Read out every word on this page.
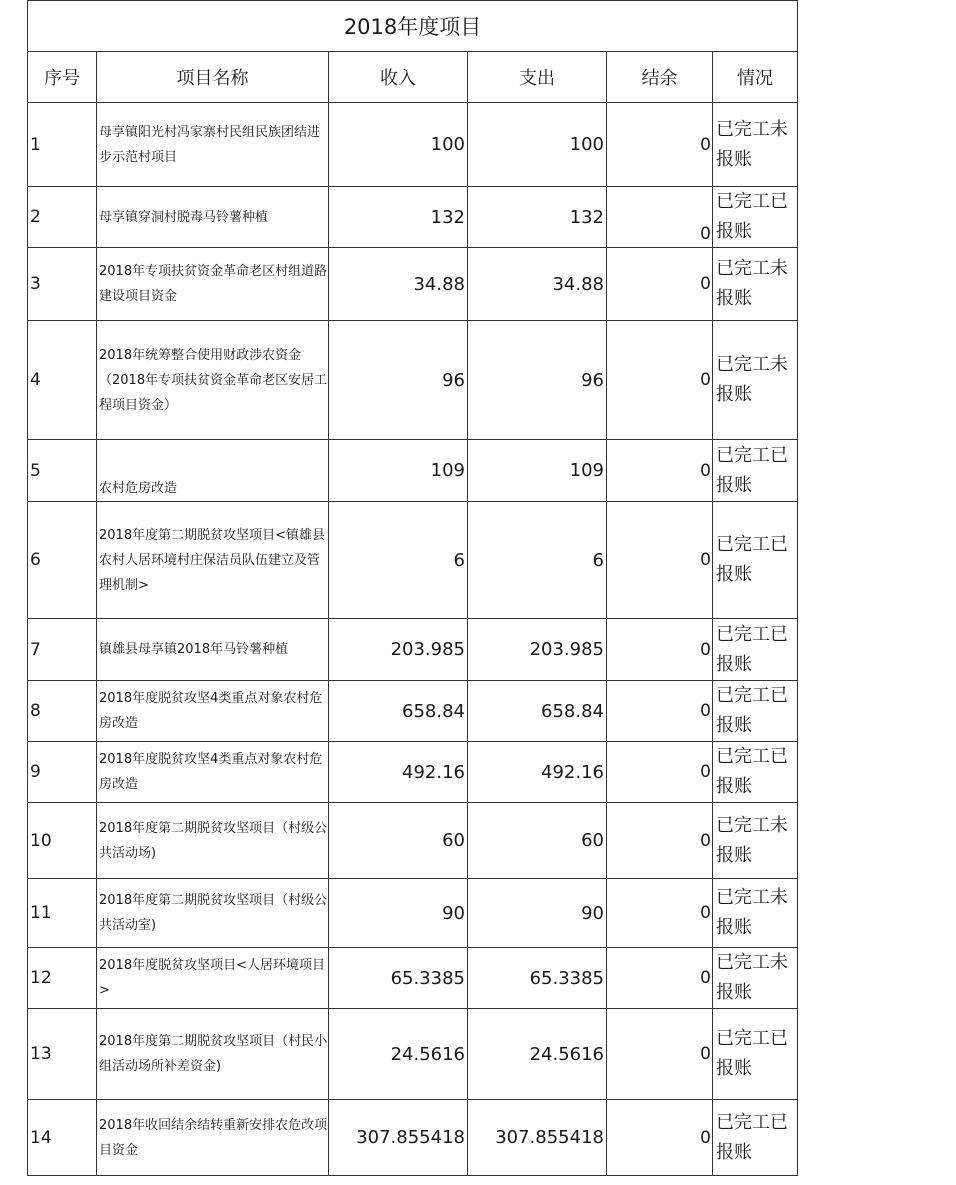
2018年度项目					
序号	项目名称	收入	支出	结余	情况
1	母享镇阳光村冯家寨村民组民族团结进步示范村项目	100	100	0	已完工未报账
2	母享镇穿洞村脱毒马铃薯种植	132	132	0	已完工已报账
3	2018年专项扶贫资金革命老区村组道路建设项目资金	34.88	34.88	0	已完工未报账
4	2018年统筹整合使用财政涉农资金（2018年专项扶贫资金革命老区安居工程项目资金）	96	96	0	已完工未报账
5	农村危房改造	109	109	0	已完工已报账
6	2018年度第二期脱贫攻坚项目<镇雄县农村人居环境村庄保洁员队伍建立及管理机制>	6	6	0	已完工已报账
7	镇雄县母享镇2018年马铃薯种植	203.985	203.985	0	已完工已报账
8	2018年度脱贫攻坚4类重点对象农村危房改造	658.84	658.84	0	已完工已报账
9	2018年度脱贫攻坚4类重点对象农村危房改造	492.16	492.16	0	已完工已报账
10	2018年度第二期脱贫攻坚项目（村级公共活动场)	60	60	0	已完工未报账
11	2018年度第二期脱贫攻坚项目（村级公共活动室)	90	90	0	已完工未报账
12	2018年度脱贫攻坚项目<人居环境项目>	65.3385	65.3385	0	已完工未报账
13	2018年度第二期脱贫攻坚项目（村民小组活动场所补差资金)	24.5616	24.5616	0	已完工已报账
14	2018年收回结余结转重新安排农危改项目资金	307.855418	307.855418	0	已完工已报账
